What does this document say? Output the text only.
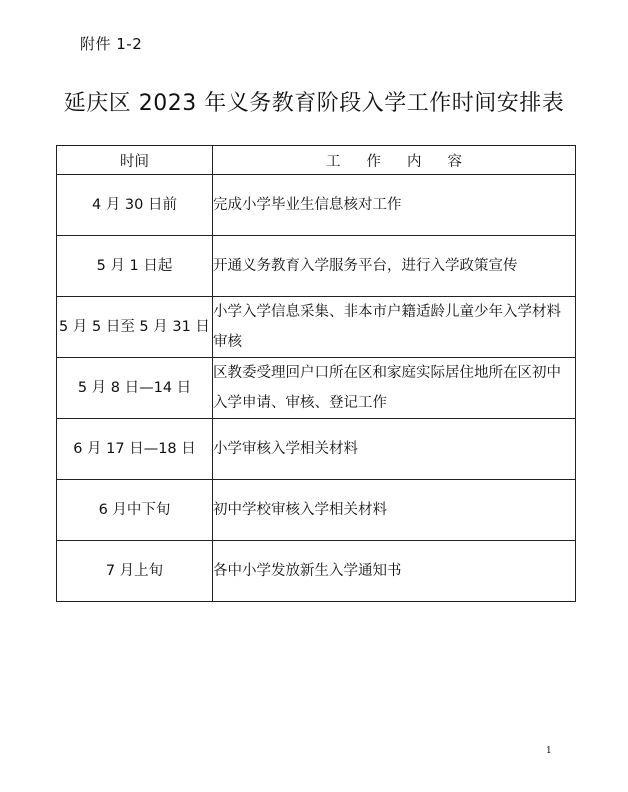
附件 1-2
延庆区 2023 年义务教育阶段入学工作时间安排表
时间	工作内容
4 月 30 日前	完成小学毕业生信息核对工作
5 月 1 日起	开通义务教育入学服务平台，进行入学政策宣传
5 月 5 日至 5 月 31 日	小学入学信息采集、非本市户籍适龄儿童少年入学材料审核
5 月 8 日—14 日	区教委受理回户口所在区和家庭实际居住地所在区初中入学申请、审核、登记工作
6 月 17 日—18 日	小学审核入学相关材料
6 月中下旬	初中学校审核入学相关材料
7 月上旬	各中小学发放新生入学通知书
1
